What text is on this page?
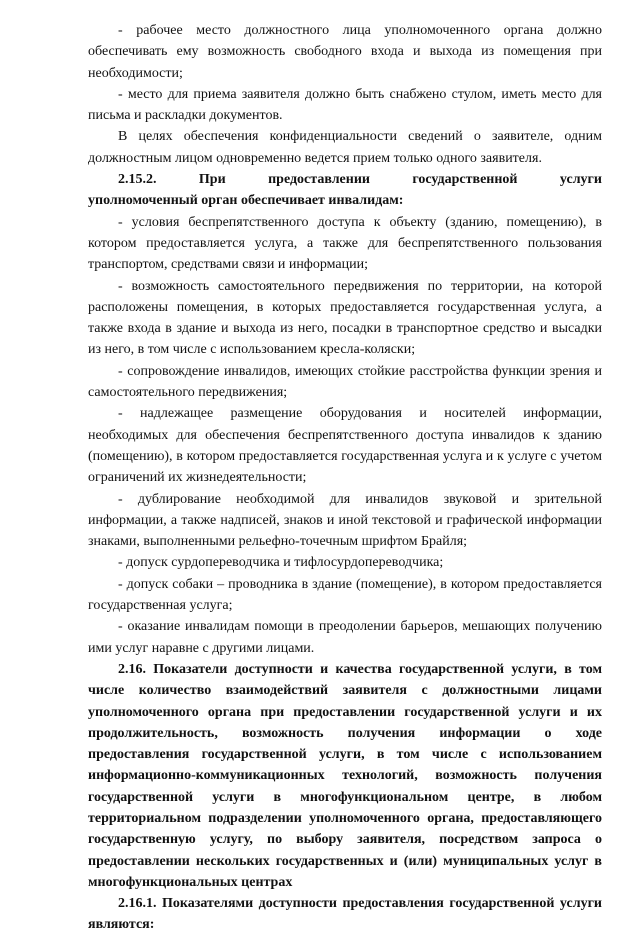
- рабочее место должностного лица уполномоченного органа должно обеспечивать ему возможность свободного входа и выхода из помещения при необходимости;

- место для приема заявителя должно быть снабжено стулом, иметь место для письма и раскладки документов.

В целях обеспечения конфиденциальности сведений о заявителе, одним должностным лицом одновременно ведется прием только одного заявителя.

2.15.2.	При	предоставлении	государственной	услуги

уполномоченный орган обеспечивает инвалидам:

- условия беспрепятственного доступа к объекту (зданию, помещению), в котором предоставляется услуга, а также для беспрепятственного пользования транспортом, средствами связи и информации;

- возможность самостоятельного передвижения по территории, на которой расположены помещения, в которых предоставляется государственная услуга, а также входа в здание и выхода из него, посадки в транспортное средство и высадки из него, в том числе с использованием кресла-коляски;

- сопровождение инвалидов, имеющих стойкие расстройства функции зрения и самостоятельного передвижения;

- надлежащее размещение оборудования и носителей информации, необходимых для обеспечения беспрепятственного доступа инвалидов к зданию (помещению), в котором предоставляется государственная услуга и к услуге с учетом ограничений их жизнедеятельности;

- дублирование необходимой для инвалидов звуковой и зрительной информации, а также надписей, знаков и иной текстовой и графической информации знаками, выполненными рельефно-точечным шрифтом Брайля;

- допуск сурдопереводчика и тифлосурдопереводчика;

- допуск собаки – проводника в здание (помещение), в котором предоставляется государственная услуга;

- оказание инвалидам помощи в преодолении барьеров, мешающих получению ими услуг наравне с другими лицами.

2.16. Показатели доступности и качества государственной услуги, в том числе количество взаимодействий заявителя с должностными лицами уполномоченного органа при предоставлении государственной услуги и их продолжительность, возможность получения информации о ходе предоставления государственной услуги, в том числе с использованием информационно-коммуникационных технологий, возможность получения государственной услуги в многофункциональном центре, в любом территориальном подразделении уполномоченного органа, предоставляющего государственную услугу, по выбору заявителя, посредством запроса о предоставлении нескольких государственных и (или) муниципальных услуг в многофункциональных центрах

2.16.1. Показателями доступности предоставления государственной услуги являются:
